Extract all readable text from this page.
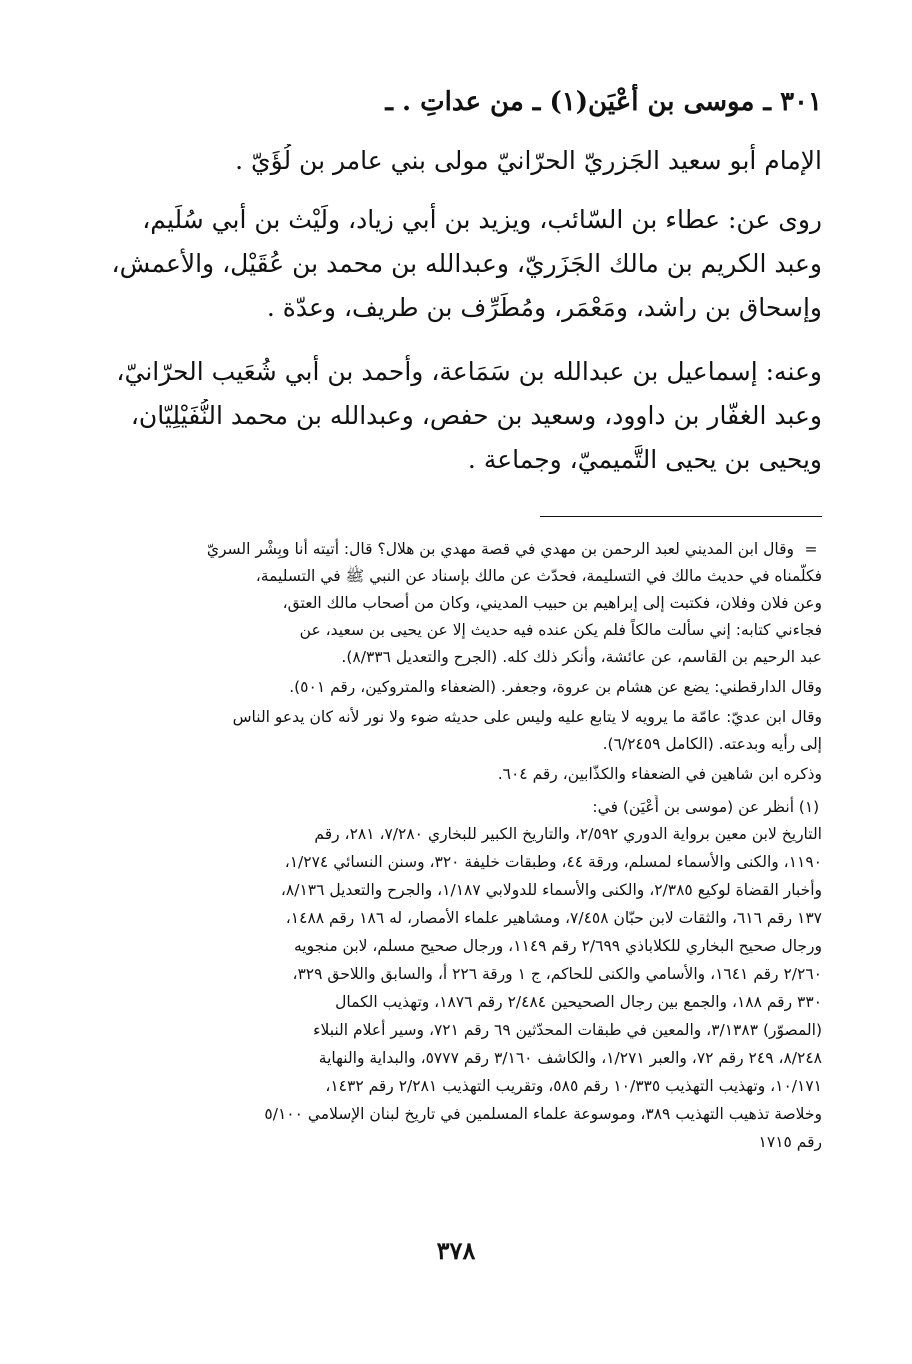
٣٠١ ـ موسى بن أَعْيَن(١) ـ من عداتِ . ـ
الإمام أبو سعيد الجَزريّ الحرّانيّ مولى بني عامر بن لُؤَيّ .
روى عن: عطاء بن السّائب، ويزيد بن أبي زياد، ولَيْث بن أبي سُلَيم،
وعبد الكريم بن مالك الجَزَريّ، وعبدالله بن محمد بن عُقَيْل، والأعمش،
وإسحاق بن راشد، ومَعْمَر، ومُطَرِّف بن طريف، وعدّة .
وعنه: إسماعيل بن عبدالله بن سَمَاعة، وأحمد بن أبي شُعَيب الحرّانيّ،
وعبد الغفّار بن داوود، وسعيد بن حفص، وعبدالله بن محمد النُّفَيْلِيّان،
ويحيى بن يحيى التَّميميّ، وجماعة .
=
وقال ابن المديني لعبد الرحمن بن مهدي في قصة مهدي بن هلال؟ قال: أتيته أنا وبِشْر السريّ
فكلّمناه في حديث مالك في التسليمة، فحدّث عن مالك بإسناد عن النبي ﷺ في التسليمة،
وعن فلان وفلان، فكتبت إلى إبراهيم بن حبيب المديني، وكان من أصحاب مالك العتق،
فجاءني كتابه: إني سألت مالكاً فلم يكن عنده فيه حديث إلا عن يحيى بن سعيد، عن
عبد الرحيم بن القاسم، عن عائشة، وأنكر ذلك كله. (الجرح والتعديل ٨/٣٣٦).
وقال الدارقطني: يضع عن هشام بن عروة، وجعفر. (الضعفاء والمتروكين، رقم ٥٠١).
وقال ابن عديّ: عامّة ما يرويه لا يتابع عليه وليس على حديثه ضوء ولا نور لأنه كان يدعو الناس
إلى رأيه وبدعته. (الكامل ٦/٢٤٥٩).
وذكره ابن شاهين في الضعفاء والكذّابين، رقم ٦٠٤.
(١)
أنظر عن (موسى بن أَعْيَن) في:
التاريخ لابن معين برواية الدوري ٢/٥٩٢، والتاريخ الكبير للبخاري ٧/٢٨٠، ٢٨١، رقم
١١٩٠، والكنى والأسماء لمسلم، ورقة ٤٤، وطبقات خليفة ٣٢٠، وسنن النسائي ١/٢٧٤،
وأخبار القضاة لوكيع ٢/٣٨٥، والكنى والأسماء للدولابي ١/١٨٧، والجرح والتعديل ٨/١٣٦،
١٣٧ رقم ٦١٦، والثقات لابن حبّان ٧/٤٥٨، ومشاهير علماء الأمصار، له ١٨٦ رقم ١٤٨٨،
ورجال صحيح البخاري للكلاباذي ٢/٦٩٩ رقم ١١٤٩، ورجال صحيح مسلم، لابن منجويه
٢/٢٦٠ رقم ١٦٤١، والأسامي والكنى للحاكم، ج ١ ورقة ٢٢٦ أ، والسابق واللاحق ٣٢٩،
٣٣٠ رقم ١٨٨، والجمع بين رجال الصحيحين ٢/٤٨٤ رقم ١٨٧٦، وتهذيب الكمال
(المصوّر) ٣/١٣٨٣، والمعين في طبقات المحدّثين ٦٩ رقم ٧٢١، وسير أعلام النبلاء
٨/٢٤٨، ٢٤٩ رقم ٧٢، والعبر ١/٢٧١، والكاشف ٣/١٦٠ رقم ٥٧٧٧، والبداية والنهاية
١٠/١٧١، وتهذيب التهذيب ١٠/٣٣٥ رقم ٥٨٥، وتقريب التهذيب ٢/٢٨١ رقم ١٤٣٢،
وخلاصة تذهيب التهذيب ٣٨٩، وموسوعة علماء المسلمين في تاريخ لبنان الإسلامي ٥/١٠٠
رقم ١٧١٥
٣٧٨
